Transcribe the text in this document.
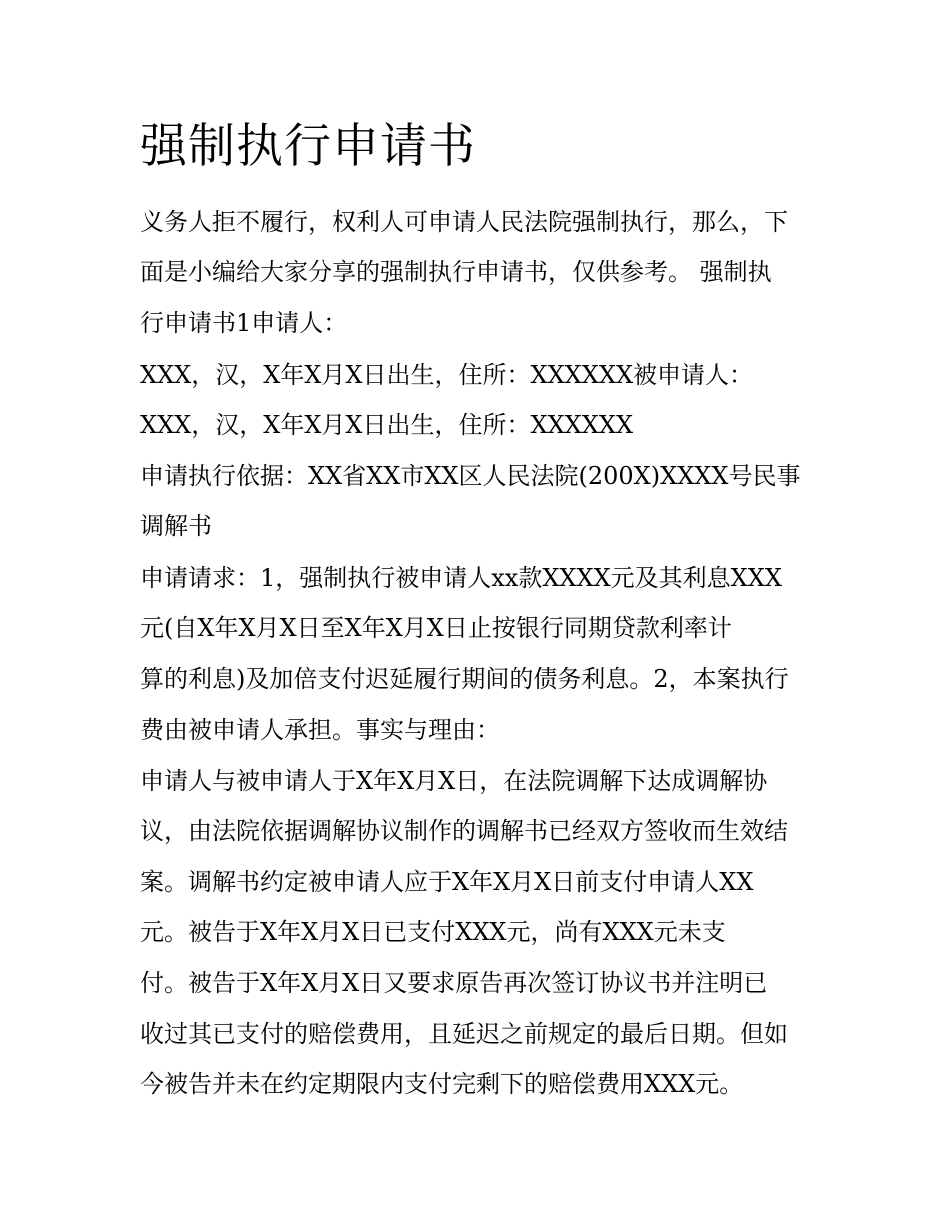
强制执行申请书

义务人拒不履行，权利人可申请人民法院强制执行，那么，下

面是小编给大家分享的强制执行申请书，仅供参考。 强制执

行申请书1申请人：

XXX，汉，X年X月X日出生，住所：XXXXXX被申请人：

XXX，汉，X年X月X日出生，住所：XXXXXX

申请执行依据：XX省XX市XX区人民法院(200X)XXXX号民事

调解书

申请请求：1，强制执行被申请人xx款XXXX元及其利息XXX

元(自X年X月X日至X年X月X日止按银行同期贷款利率计

算的利息)及加倍支付迟延履行期间的债务利息。2，本案执行

费由被申请人承担。事实与理由：

申请人与被申请人于X年X月X日，在法院调解下达成调解协

议，由法院依据调解协议制作的调解书已经双方签收而生效结

案。调解书约定被申请人应于X年X月X日前支付申请人XX

元。被告于X年X月X日已支付XXX元，尚有XXX元未支

付。被告于X年X月X日又要求原告再次签订协议书并注明已

收过其已支付的赔偿费用，且延迟之前规定的最后日期。但如

今被告并未在约定期限内支付完剩下的赔偿费用XXX元。
